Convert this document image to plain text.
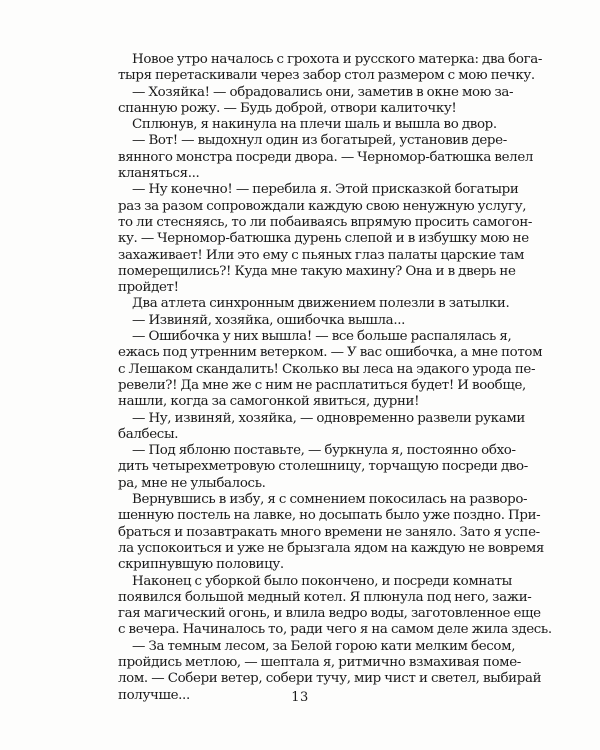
Новое утро началось с грохота и русского матерка: два бога-
тыря перетаскивали через забор стол размером с мою печку.
— Хозяйка! — обрадовались они, заметив в окне мою за-
спанную рожу. — Будь доброй, отвори калиточку!
Сплюнув, я накинула на плечи шаль и вышла во двор.
— Вот! — выдохнул один из богатырей, установив дере-
вянного монстра посреди двора. — Черномор-батюшка велел
кланяться...
— Ну конечно! — перебила я. Этой присказкой богатыри
раз за разом сопровождали каждую свою ненужную услугу,
то ли стесняясь, то ли побаиваясь впрямую просить самогон-
ку. — Черномор-батюшка дурень слепой и в избушку мою не
захаживает! Или это ему с пьяных глаз палаты царские там
померещились?! Куда мне такую махину? Она и в дверь не
пройдет!
Два атлета синхронным движением полезли в затылки.
— Извиняй, хозяйка, ошибочка вышла...
— Ошибочка у них вышла! — все больше распалялась я,
ежась под утренним ветерком. — У вас ошибочка, а мне потом
с Лешаком скандалить! Сколько вы леса на эдакого урода пе-
ревели?! Да мне же с ним не расплатиться будет! И вообще,
нашли, когда за самогонкой явиться, дурни!
— Ну, извиняй, хозяйка, — одновременно развели руками
балбесы.
— Под яблоню поставьте, — буркнула я, постоянно обхо-
дить четырехметровую столешницу, торчащую посреди дво-
ра, мне не улыбалось.
Вернувшись в избу, я с сомнением покосилась на разворо-
шенную постель на лавке, но досыпать было уже поздно. При-
браться и позавтракать много времени не заняло. Зато я успе-
ла успокоиться и уже не брызгала ядом на каждую не вовремя
скрипнувшую половицу.
Наконец с уборкой было покончено, и посреди комнаты
появился большой медный котел. Я плюнула под него, зажи-
гая магический огонь, и влила ведро воды, заготовленное еще
с вечера. Начиналось то, ради чего я на самом деле жила здесь.
— За темным лесом, за Белой горою кати мелким бесом,
пройдись метлою, — шептала я, ритмично взмахивая поме-
лом. — Собери ветер, собери тучу, мир чист и светел, выбирай
получше...	13
